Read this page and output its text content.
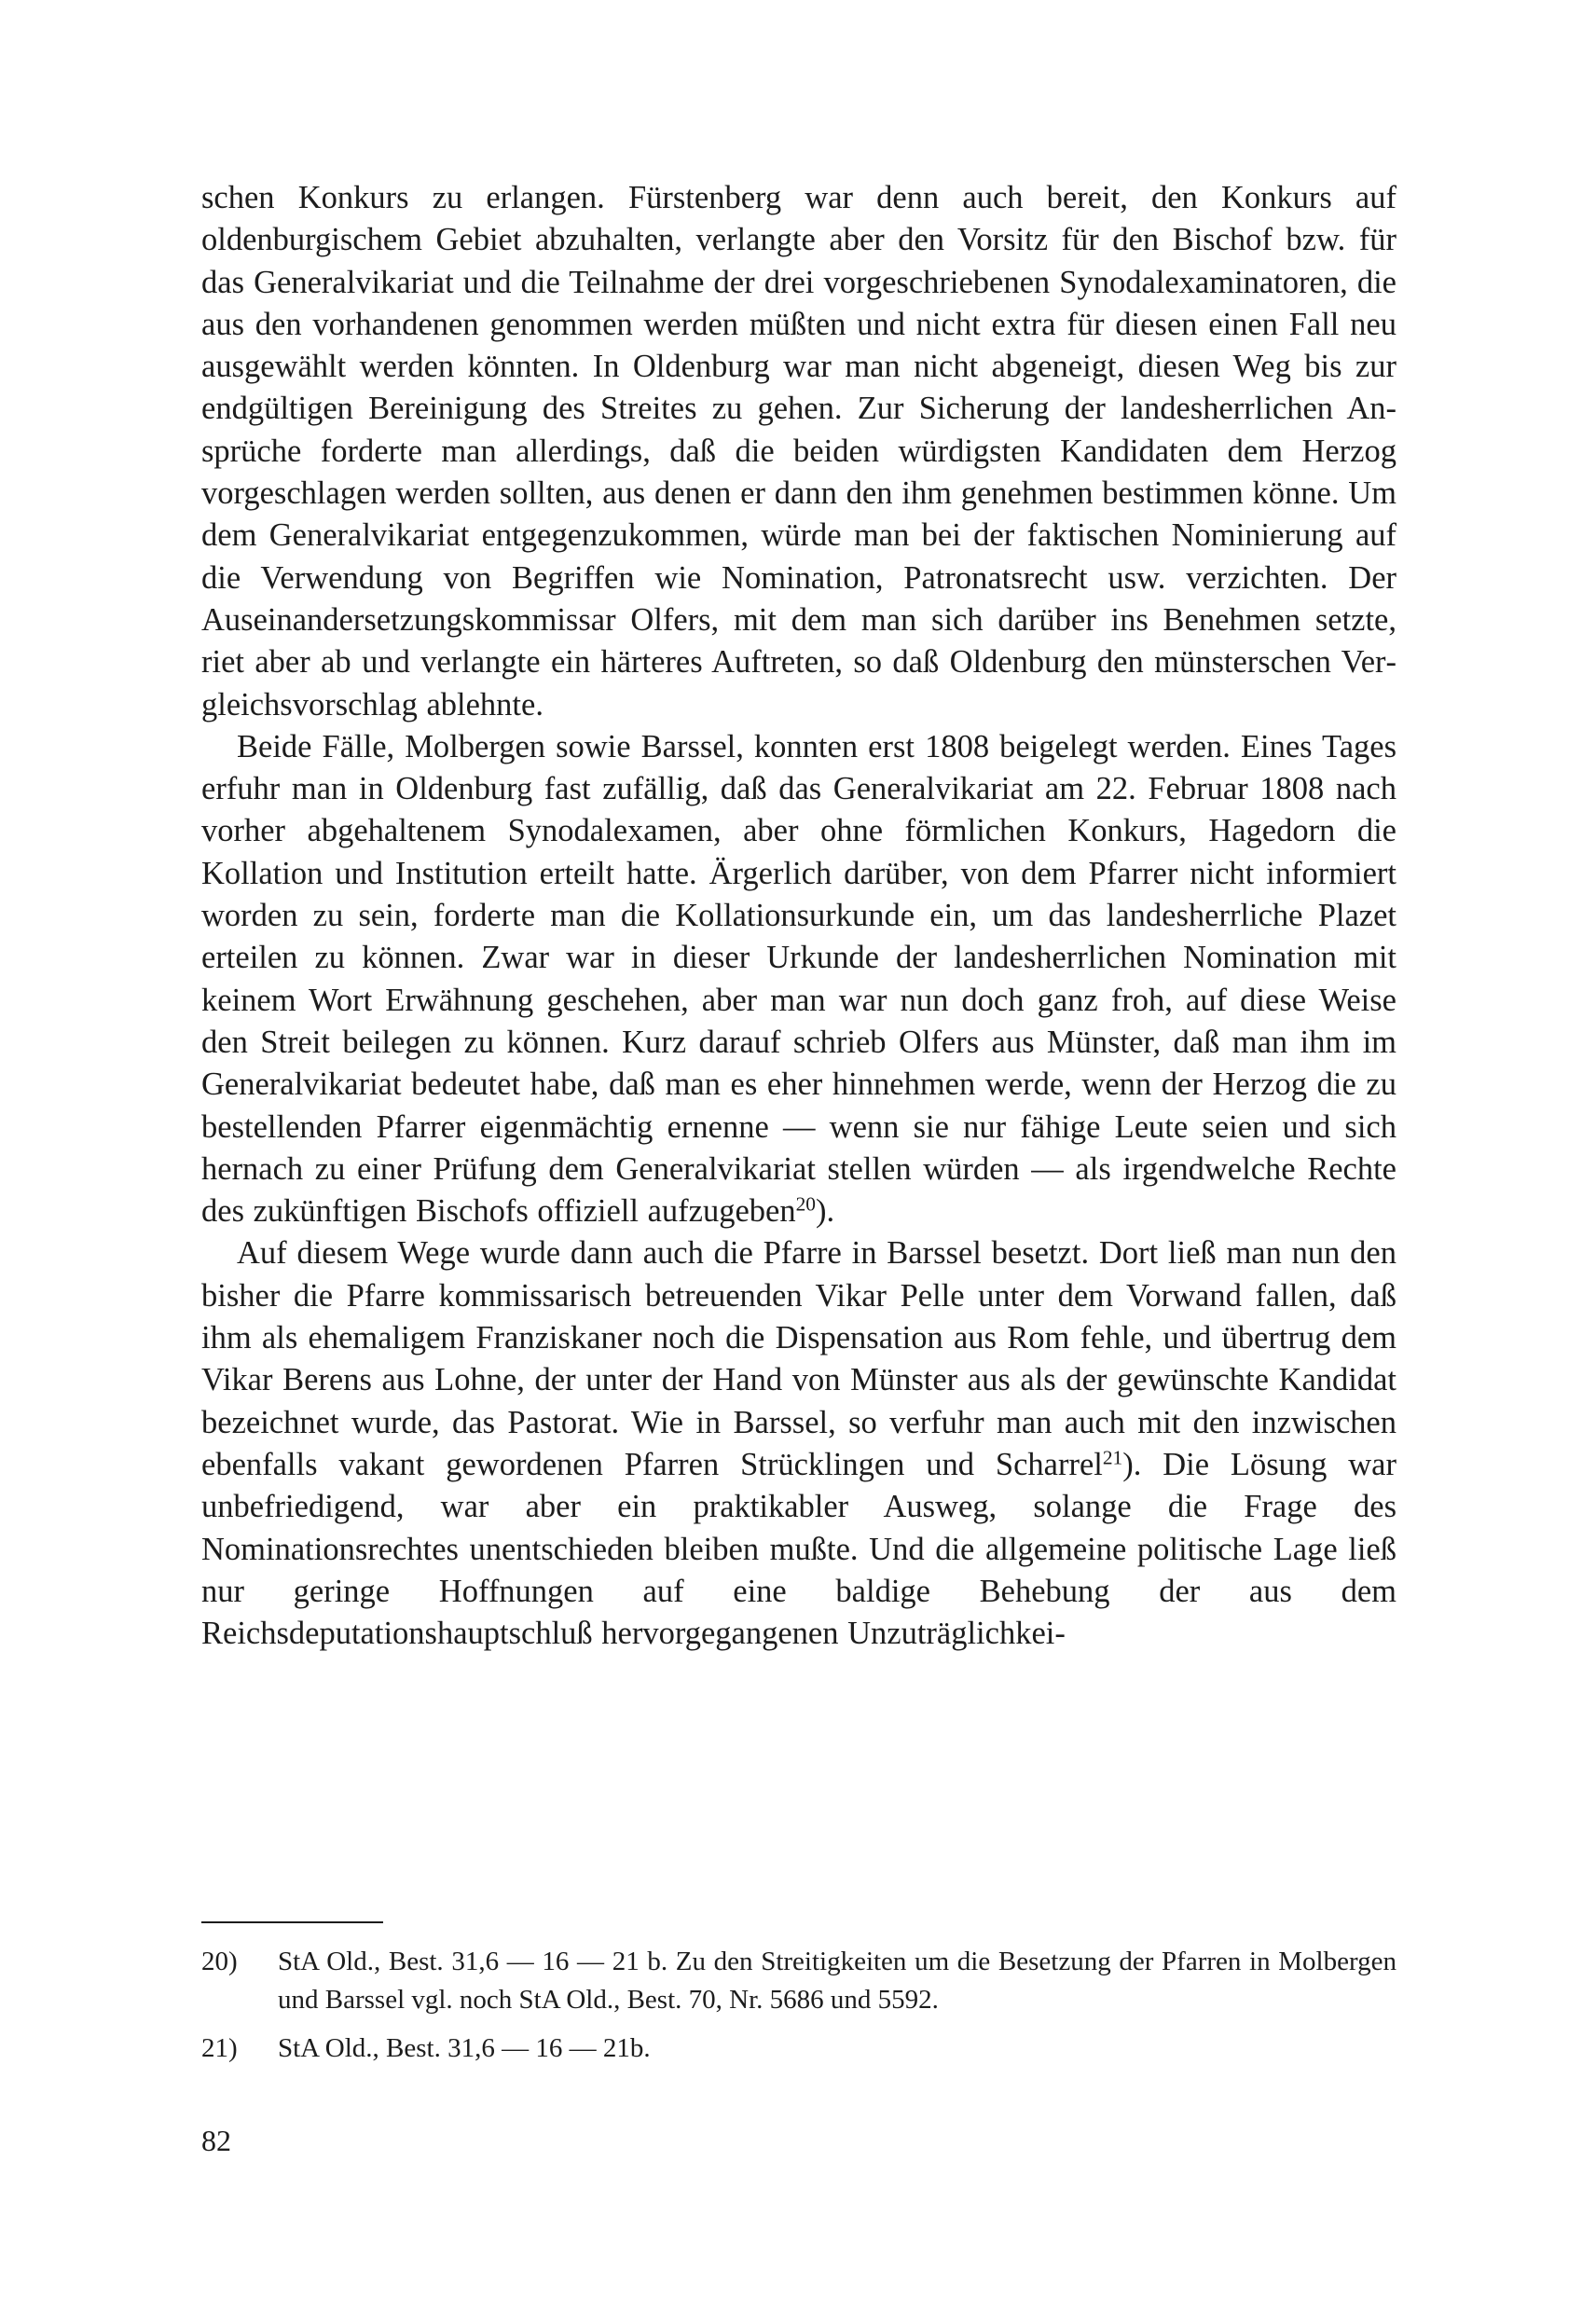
schen Konkurs zu erlangen. Fürstenberg war denn auch bereit, den Konkurs auf oldenburgischem Gebiet abzuhalten, verlangte aber den Vorsitz für den Bischof bzw. für das Generalvikariat und die Teilnahme der drei vorgeschriebenen Synodalexaminatoren, die aus den vorhandenen genommen werden müßten und nicht extra für diesen einen Fall neu ausgewählt werden könnten. In Oldenburg war man nicht abgeneigt, diesen Weg bis zur endgültigen Bereinigung des Streites zu gehen. Zur Sicherung der landesherrlichen Ansprüche forderte man allerdings, daß die beiden würdigsten Kandidaten dem Herzog vorgeschlagen werden sollten, aus denen er dann den ihm genehmen bestimmen könne. Um dem Generalvikariat entgegenzukommen, würde man bei der faktischen Nominierung auf die Verwendung von Begriffen wie Nomination, Patronatsrecht usw. verzichten. Der Auseinandersetzungskommissar Olfers, mit dem man sich darüber ins Benehmen setzte, riet aber ab und verlangte ein härteres Auftreten, so daß Oldenburg den münsterschen Vergleichsvorschlag ablehnte.

Beide Fälle, Molbergen sowie Barssel, konnten erst 1808 beigelegt werden. Eines Tages erfuhr man in Oldenburg fast zufällig, daß das Generalvikariat am 22. Februar 1808 nach vorher abgehaltenem Synodalexamen, aber ohne förmlichen Konkurs, Hagedorn die Kollation und Institution erteilt hatte. Ärgerlich darüber, von dem Pfarrer nicht informiert worden zu sein, forderte man die Kollationsurkunde ein, um das landesherrliche Plazet erteilen zu können. Zwar war in dieser Urkunde der landesherrlichen Nomination mit keinem Wort Erwähnung geschehen, aber man war nun doch ganz froh, auf diese Weise den Streit beilegen zu können. Kurz darauf schrieb Olfers aus Münster, daß man ihm im Generalvikariat bedeutet habe, daß man es eher hinnehmen werde, wenn der Herzog die zu bestellenden Pfarrer eigenmächtig ernenne — wenn sie nur fähige Leute seien und sich hernach zu einer Prüfung dem Generalvikariat stellen würden — als irgendwelche Rechte des zukünftigen Bischofs offiziell aufzugeben$^{20}$).

Auf diesem Wege wurde dann auch die Pfarre in Barssel besetzt. Dort ließ man nun den bisher die Pfarre kommissarisch betreuenden Vikar Pelle unter dem Vorwand fallen, daß ihm als ehemaligem Franziskaner noch die Dispensation aus Rom fehle, und übertrug dem Vikar Berens aus Lohne, der unter der Hand von Münster aus als der gewünschte Kandidat bezeichnet wurde, das Pastorat. Wie in Barssel, so verfuhr man auch mit den inzwischen ebenfalls vakant gewordenen Pfarren Strücklingen und Scharrel$^{21}$). Die Lösung war unbefriedigend, war aber ein praktikabler Ausweg, solange die Frage des Nominationsrechtes unentschieden bleiben mußte. Und die allgemeine politische Lage ließ nur geringe Hoffnungen auf eine baldige Behebung der aus dem Reichsdeputationshauptschluß hervorgegangenen Unzuträglichkei-

20)	StA Old., Best. 31,6 — 16 — 21 b. Zu den Streitigkeiten um die Besetzung der Pfarren in Molbergen und Barssel vgl. noch StA Old., Best. 70, Nr. 5686 und 5592.
21)	StA Old., Best. 31,6 — 16 — 21b.
82
